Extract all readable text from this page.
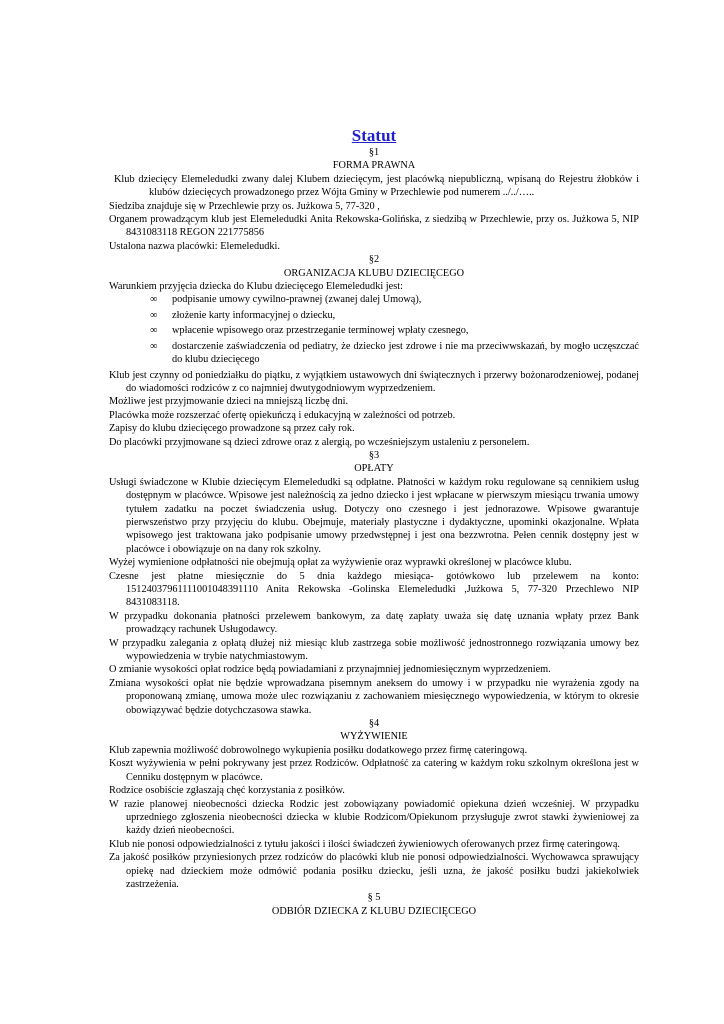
Statut
§1
FORMA PRAWNA
Klub dziecięcy Elemeledudki zwany dalej Klubem dziecięcym, jest placówką niepubliczną, wpisaną do Rejestru żłobków i klubów dziecięcych prowadzonego przez Wójta Gminy w Przechlewie pod numerem ../../…..
Siedziba znajduje się w Przechlewie przy os. Jużkowa 5, 77-320 ,
Organem prowadzącym klub jest Elemeledudki Anita Rekowska-Golińska, z siedzibą w Przechlewie, przy os. Jużkowa 5, NIP 8431083118 REGON 221775856
Ustalona nazwa placówki: Elemeledudki.
§2
ORGANIZACJA KLUBU DZIECIĘCEGO
Warunkiem przyjęcia dziecka do Klubu dziecięcego Elemeledudki jest:
∞ podpisanie umowy cywilno-prawnej (zwanej dalej Umową),
∞ złożenie karty informacyjnej o dziecku,
∞ wpłacenie wpisowego oraz przestrzeganie terminowej wpłaty czesnego,
∞ dostarczenie zaświadczenia od pediatry, że dziecko jest zdrowe i nie ma przeciwwskazań, by mogło uczęszczać do klubu dziecięcego
Klub jest czynny od poniedziałku do piątku, z wyjątkiem ustawowych dni świątecznych i przerwy bożonarodzeniowej, podanej do wiadomości rodziców z co najmniej dwutygodniowym wyprzedzeniem.
Możliwe jest przyjmowanie dzieci na mniejszą liczbę dni.
Placówka może rozszerzać ofertę opiekuńczą i edukacyjną w zależności od potrzeb.
Zapisy do klubu dziecięcego prowadzone są przez cały rok.
Do placówki przyjmowane są dzieci zdrowe oraz z alergią, po wcześniejszym ustaleniu z personelem.
§3
OPŁATY
Usługi świadczone w Klubie dziecięcym Elemeledudki są odpłatne. Płatności w każdym roku regulowane są cennikiem usług dostępnym w placówce. Wpisowe jest należnością za jedno dziecko i jest wpłacane w pierwszym miesiącu trwania umowy tytułem zadatku na poczet świadczenia usług. Dotyczy ono czesnego i jest jednorazowe. Wpisowe gwarantuje pierwszeństwo przy przyjęciu do klubu. Obejmuje, materiały plastyczne i dydaktyczne, upominki okazjonalne. Wpłata wpisowego jest traktowana jako podpisanie umowy przedwstępnej i jest ona bezzwrotna. Pełen cennik dostępny jest w placówce i obowiązuje on na dany rok szkolny.
Wyżej wymienione odpłatności nie obejmują opłat za wyżywienie oraz wyprawki określonej w placówce klubu.
Czesne jest płatne miesięcznie do 5 dnia każdego miesiąca- gotówkowo lub przelewem na konto: 15124037961111001048391110 Anita Rekowska -Golinska Elemeledudki ,Jużkowa 5, 77-320 Przechlewo NIP 8431083118.
W przypadku dokonania płatności przelewem bankowym, za datę zapłaty uważa się datę uznania wpłaty przez Bank prowadzący rachunek Usługodawcy.
W przypadku zalegania z opłatą dłużej niż miesiąc klub zastrzega sobie możliwość jednostronnego rozwiązania umowy bez wypowiedzenia w trybie natychmiastowym.
O zmianie wysokości opłat rodzice będą powiadamiani z przynajmniej jednomiesięcznym wyprzedzeniem.
Zmiana wysokości opłat nie będzie wprowadzana pisemnym aneksem do umowy i w przypadku nie wyrażenia zgody na proponowaną zmianę, umowa może ulec rozwiązaniu z zachowaniem miesięcznego wypowiedzenia, w którym to okresie obowiązywać będzie dotychczasowa stawka.
§4
WYŻYWIENIE
Klub zapewnia możliwość dobrowolnego wykupienia posiłku dodatkowego przez firmę cateringową.
Koszt wyżywienia w pełni pokrywany jest przez Rodziców. Odpłatność za catering w każdym roku szkolnym określona jest w Cenniku dostępnym w placówce.
Rodzice osobiście zgłaszają chęć korzystania z posiłków.
W razie planowej nieobecności dziecka Rodzic jest zobowiązany powiadomić opiekuna dzień wcześniej. W przypadku uprzedniego zgłoszenia nieobecności dziecka w klubie Rodzicom/Opiekunom przysługuje zwrot stawki żywieniowej za każdy dzień nieobecności.
Klub nie ponosi odpowiedzialności z tytułu jakości i ilości świadczeń żywieniowych oferowanych przez firmę cateringową.
Za jakość posiłków przyniesionych przez rodziców do placówki klub nie ponosi odpowiedzialności. Wychowawca sprawujący opiekę nad dzieckiem może odmówić podania posiłku dziecku, jeśli uzna, że jakość posiłku budzi jakiekolwiek zastrzeżenia.
§ 5
ODBIÓR DZIECKA Z KLUBU DZIECIĘCEGO
